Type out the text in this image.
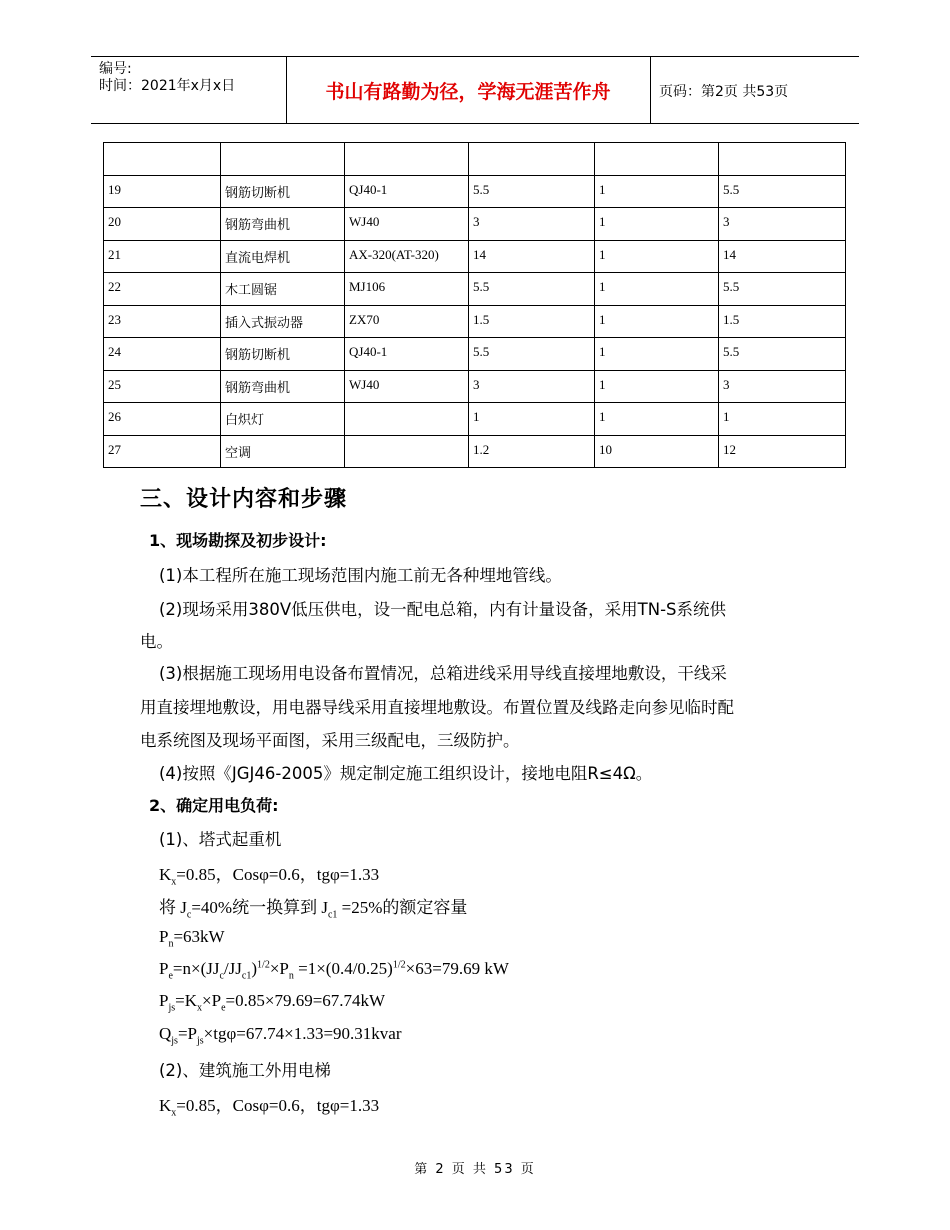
编号:
时间：2021年x月x日	书山有路勤为径，学海无涯苦作舟	页码：第2页 共53页

19	钢筋切断机	QJ40-1	5.5	1	5.5
20	钢筋弯曲机	WJ40	3	1	3
21	直流电焊机	AX-320(AT-320)	14	1	14
22	木工圆锯	MJ106	5.5	1	5.5
23	插入式振动器	ZX70	1.5	1	1.5
24	钢筋切断机	QJ40-1	5.5	1	5.5
25	钢筋弯曲机	WJ40	3	1	3
26	白炽灯		1	1	1
27	空调		1.2	10	12
三、设计内容和步骤
1、现场勘探及初步设计:
(1)本工程所在施工现场范围内施工前无各种埋地管线。
(2)现场采用380V低压供电，设一配电总箱，内有计量设备，采用TN-S系统供
电。
(3)根据施工现场用电设备布置情况，总箱进线采用导线直接埋地敷设，干线采
用直接埋地敷设，用电器导线采用直接埋地敷设。布置位置及线路走向参见临时配
电系统图及现场平面图，采用三级配电，三级防护。
(4)按照《JGJ46-2005》规定制定施工组织设计，接地电阻R≤4Ω。
2、确定用电负荷:
(1)、塔式起重机
$K_x=0.85$，Cosφ=0.6，tgφ=1.33
将 $J_c=40\%$统一换算到 $J_{c1} =25\%$的额定容量
$P_n=63kW$
$P_e=n\times(JJ_c/JJ_{c1})^{1/2}\times P_n =1\times(0.4/0.25)^{1/2}\times 63=79.69$ kW
$P_{js}=K_x\times P_e=0.85\times 79.69=67.74kW$
$Q_{js}=P_{js}\times tg\varphi=67.74\times 1.33=90.31kvar$
(2)、建筑施工外用电梯
$K_x=0.85$，Cosφ=0.6，tgφ=1.33
第 2 页 共 53 页
